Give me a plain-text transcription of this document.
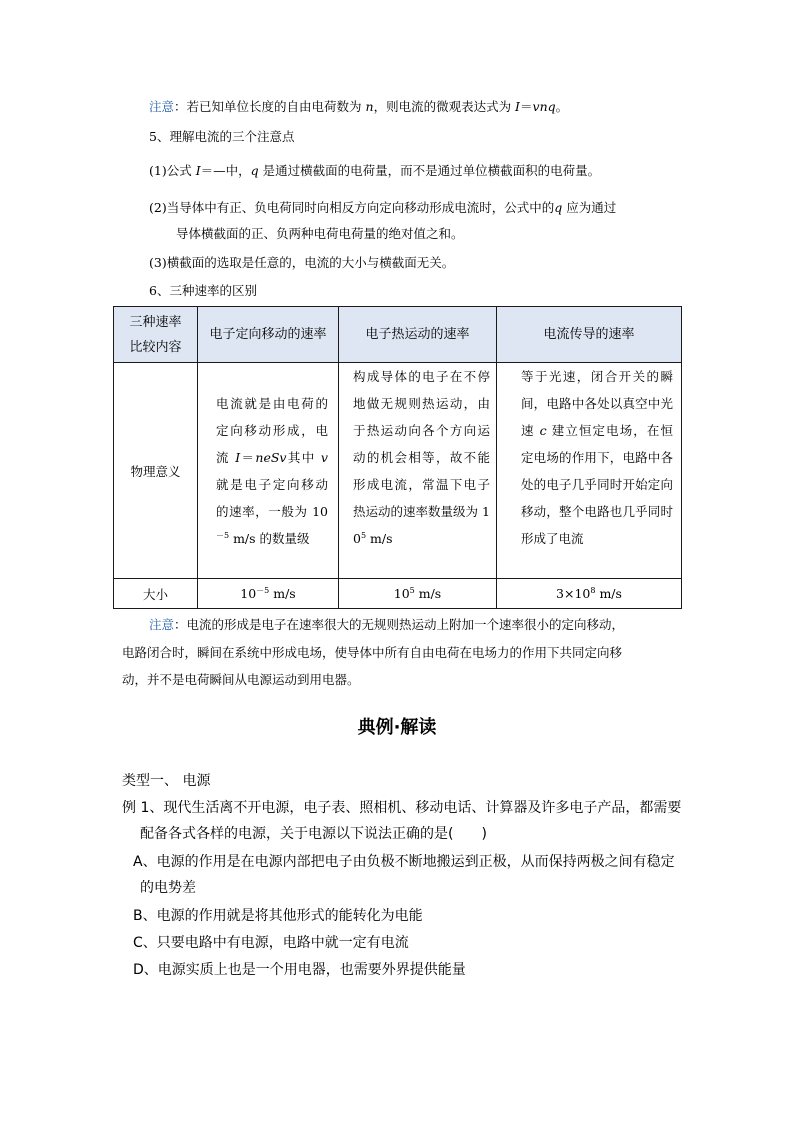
注意：若已知单位长度的自由电荷数为 n，则电流的微观表达式为 I＝vnq。
5、理解电流的三个注意点
(1)公式 I＝—中，q 是通过横截面的电荷量，而不是通过单位横截面积的电荷量。
(2)当导体中有正、负电荷同时向相反方向定向移动形成电流时，公式中的q 应为通过
导体横截面的正、负两种电荷电荷量的绝对值之和。
(3)横截面的选取是任意的，电流的大小与横截面无关。
6、三种速率的区别
三种速率
比较内容	电子定向移动的速率	电子热运动的速率	电流传导的速率

物理意义	电流就是由电荷的定向移动形成，电流 I＝neSv其中 v 就是电子定向移动的速率，一般为 $10^{-5}$ m/s 的数量级	构成导体的电子在不停地做无规则热运动，由于热运动向各个方向运动的机会相等，故不能形成电流，常温下电子热运动的速率数量级为 $10^5$ m/s	等于光速，闭合开关的瞬间，电路中各处以真空中光速 c 建立恒定电场，在恒定电场的作用下，电路中各处的电子几乎同时开始定向移动，整个电路也几乎同时形成了电流

大小	$10^{-5}$ m/s	$10^5$ m/s	$3\times 10^8$ m/s
注意：电流的形成是电子在速率很大的无规则热运动上附加一个速率很小的定向移动，
电路闭合时，瞬间在系统中形成电场，使导体中所有自由电荷在电场力的作用下共同定向移
动，并不是电荷瞬间从电源运动到用电器。
典例·解读
类型一、 电源
例 1、现代生活离不开电源，电子表、照相机、移动电话、计算器及许多电子产品，都需要
配备各式各样的电源，关于电源以下说法正确的是(　　)
A、电源的作用是在电源内部把电子由负极不断地搬运到正极，从而保持两极之间有稳定
的电势差
B、电源的作用就是将其他形式的能转化为电能
C、只要电路中有电源，电路中就一定有电流
D、电源实质上也是一个用电器，也需要外界提供能量
